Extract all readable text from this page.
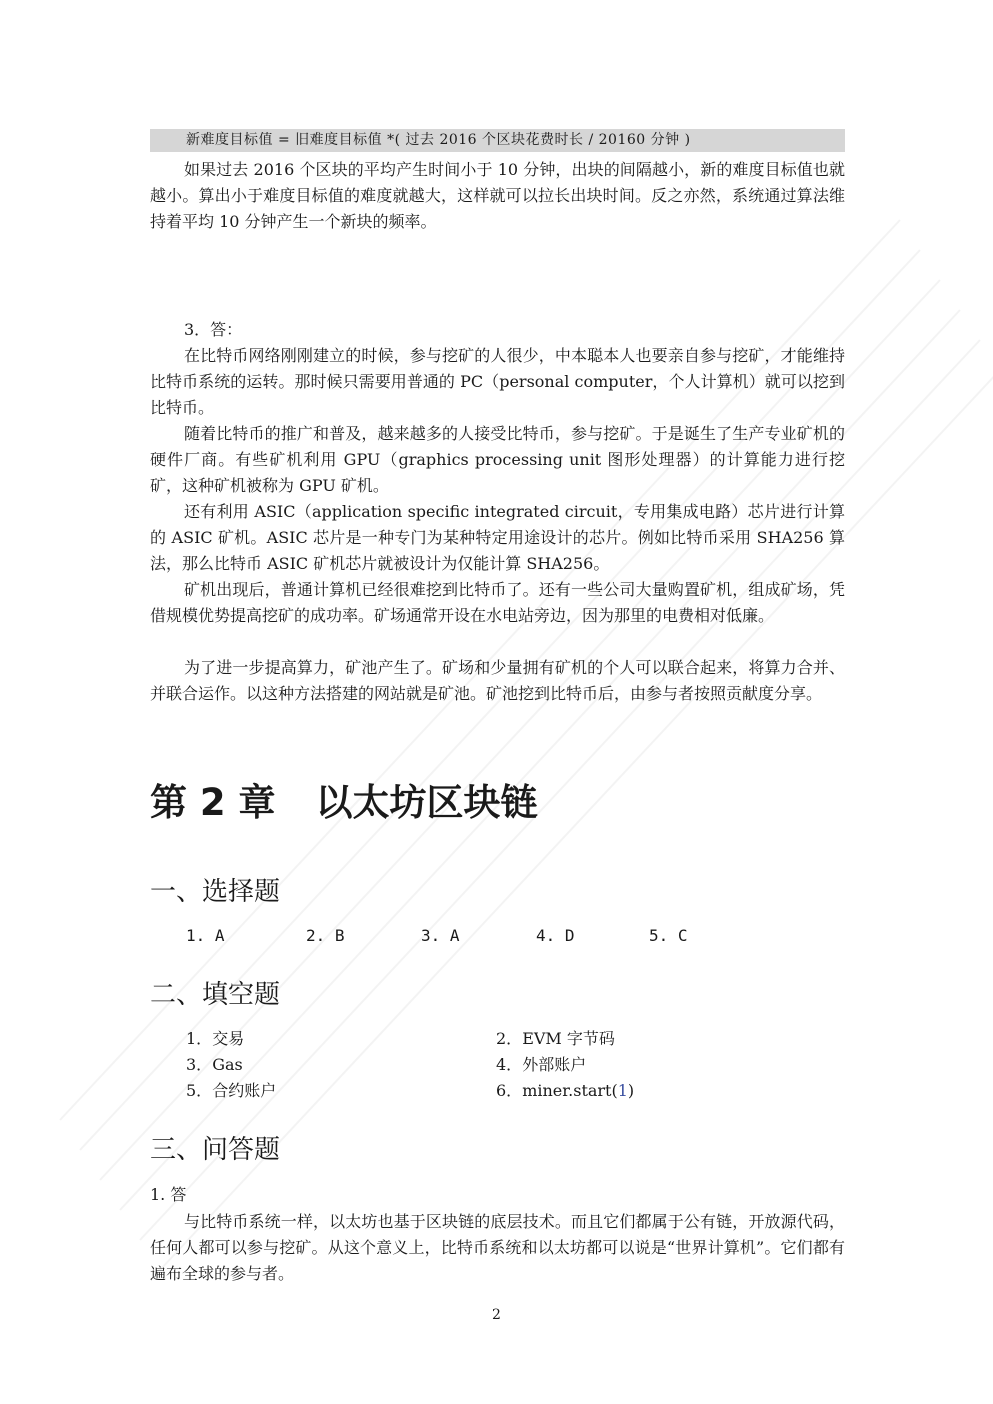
新难度目标值 = 旧难度目标值 *( 过去 2016 个区块花费时长 / 20160 分钟 )

如果过去 2016 个区块的平均产生时间小于 10 分钟，出块的间隔越小，新的难度目标值也就越小。算出小于难度目标值的难度就越大，这样就可以拉长出块时间。反之亦然，系统通过算法维持着平均 10 分钟产生一个新块的频率。

3．答：

在比特币网络刚刚建立的时候，参与挖矿的人很少，中本聪本人也要亲自参与挖矿，才能维持比特币系统的运转。那时候只需要用普通的 PC（personal computer，个人计算机）就可以挖到比特币。

随着比特币的推广和普及，越来越多的人接受比特币，参与挖矿。于是诞生了生产专业矿机的硬件厂商。有些矿机利用 GPU（graphics processing unit 图形处理器）的计算能力进行挖矿，这种矿机被称为 GPU 矿机。

还有利用 ASIC（application specific integrated circuit，专用集成电路）芯片进行计算的 ASIC 矿机。ASIC 芯片是一种专门为某种特定用途设计的芯片。例如比特币采用 SHA256 算法，那么比特币 ASIC 矿机芯片就被设计为仅能计算 SHA256。

矿机出现后，普通计算机已经很难挖到比特币了。还有一些公司大量购置矿机，组成矿场，凭借规模优势提高挖矿的成功率。矿场通常开设在水电站旁边，因为那里的电费相对低廉。

为了进一步提高算力，矿池产生了。矿场和少量拥有矿机的个人可以联合起来，将算力合并、并联合运作。以这种方法搭建的网站就是矿池。矿池挖到比特币后，由参与者按照贡献度分享。

第 2 章 以太坊区块链
一、选择题
1. A	2. B	3. A	4. D	5. C
二、填空题
1．交易	2．EVM 字节码
3．Gas	4．外部账户
5．合约账户	6．miner.start(1)
三、问答题
1. 答

与比特币系统一样，以太坊也基于区块链的底层技术。而且它们都属于公有链，开放源代码，任何人都可以参与挖矿。从这个意义上，比特币系统和以太坊都可以说是“世界计算机”。它们都有遍布全球的参与者。

2
